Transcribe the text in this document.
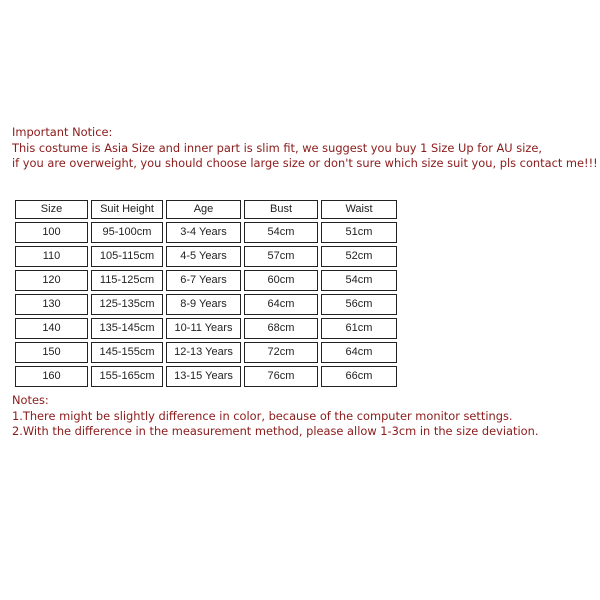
Important Notice:
This costume is Asia Size and inner part is slim fit, we suggest you buy 1 Size Up for AU size,
if you are overweight, you should choose large size or don't sure which size suit you, pls contact me!!!
Size	Suit Height	Age	Bust	Waist
100	95-100cm	3-4 Years	54cm	51cm
110	105-115cm	4-5 Years	57cm	52cm
120	115-125cm	6-7 Years	60cm	54cm
130	125-135cm	8-9 Years	64cm	56cm
140	135-145cm	10-11 Years	68cm	61cm
150	145-155cm	12-13 Years	72cm	64cm
160	155-165cm	13-15 Years	76cm	66cm
Notes:
1.There might be slightly difference in color, because of the computer monitor settings.
2.With the difference in the measurement method, please allow 1-3cm in the size deviation.
